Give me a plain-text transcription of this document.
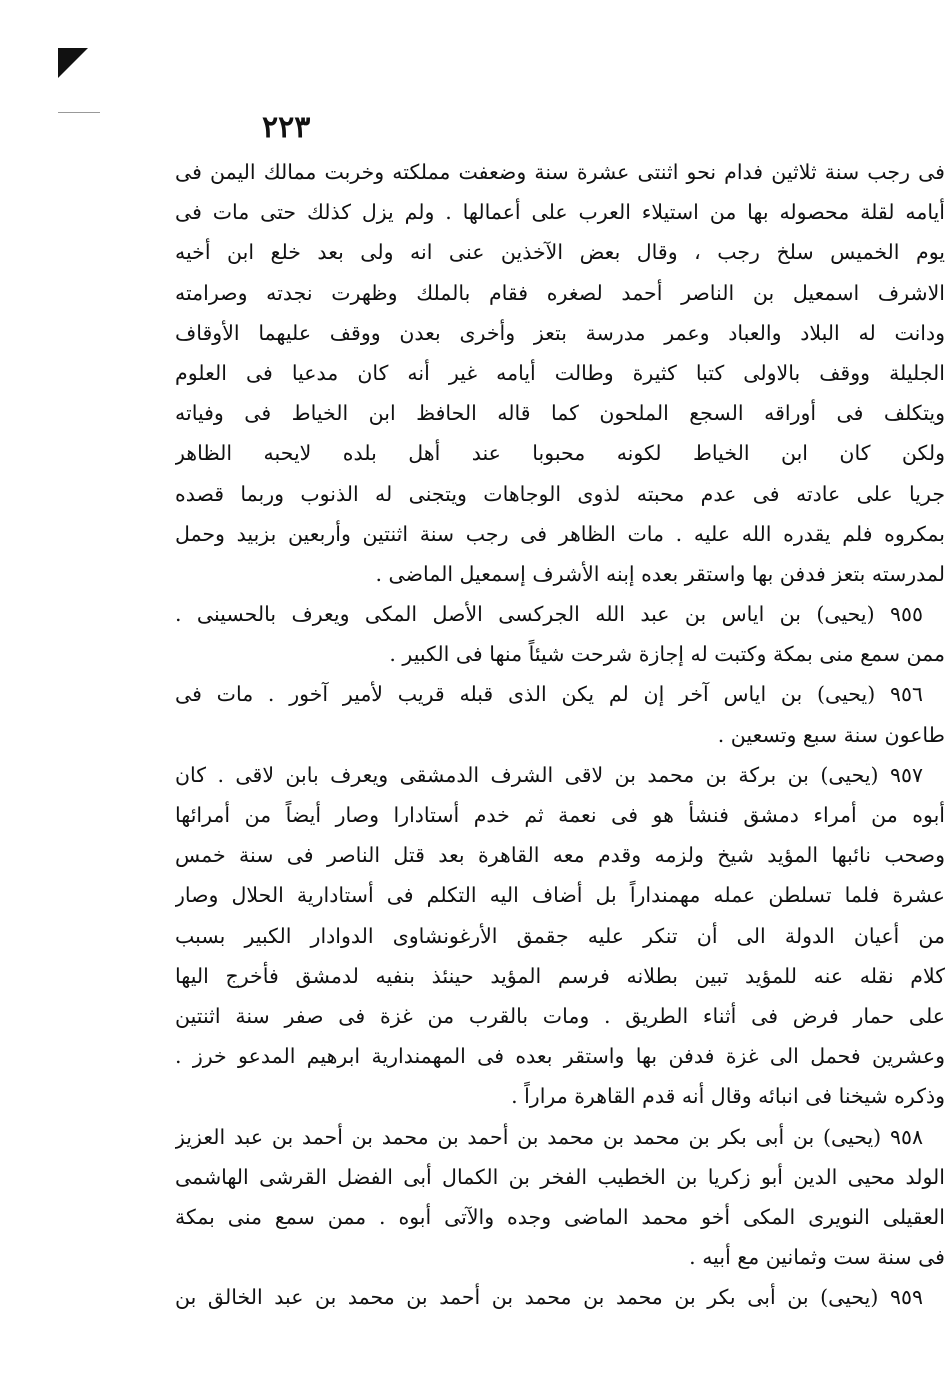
٢٢٣
فى رجب سنة ثلاثين فدام نحو اثنتى عشرة سنة وضعفت مملكته وخربت ممالك اليمن فى
أيامه لقلة محصوله بها من استيلاء العرب على أعمالها . ولم يزل كذلك حتى مات فى
يوم الخميس سلخ رجب ، وقال بعض الآخذين عنى انه ولى بعد خلع ابن أخيه
الاشرف اسمعيل بن الناصر أحمد لصغره فقام بالملك وظهرت نجدته وصرامته
ودانت له البلاد والعباد وعمر مدرسة بتعز وأخرى بعدن ووقف عليهما الأوقاف
الجليلة ووقف بالاولى كتبا كثيرة وطالت أيامه غير أنه كان مدعيا فى العلوم
ويتكلف فى أوراقه السجع الملحون كما قاله الحافظ ابن الخياط فى وفياته
ولكن كان ابن الخياط لكونه محبوبا عند أهل بلده لايحبه الظاهر
جريا على عادته فى عدم محبته لذوى الوجاهات ويتجنى له الذنوب وربما قصده
بمكروه فلم يقدره الله عليه . مات الظاهر فى رجب سنة اثنتين وأربعين بزبيد وحمل
لمدرسته بتعز فدفن بها واستقر بعده إبنه الأشرف إسمعيل الماضى .
٩٥٥ (يحيى) بن اياس بن عبد الله الجركسى الأصل المكى ويعرف بالحسينى .
ممن سمع منى بمكة وكتبت له إجازة شرحت شيئاً منها فى الكبير .
٩٥٦ (يحيى) بن اياس آخر إن لم يكن الذى قبله قريب لأمير آخور . مات فى
طاعون سنة سبع وتسعين .
٩٥٧ (يحيى) بن بركة بن محمد بن لاقى الشرف الدمشقى ويعرف بابن لاقى . كان
أبوه من أمراء دمشق فنشأ هو فى نعمة ثم خدم أستادارا وصار أيضاً من أمرائها
وصحب نائبها المؤيد شيخ ولزمه وقدم معه القاهرة بعد قتل الناصر فى سنة خمس
عشرة فلما تسلطن عمله مهمنداراً بل أضاف اليه التكلم فى أستادارية الحلال وصار
من أعيان الدولة الى أن تنكر عليه جقمق الأرغونشاوى الدوادار الكبير بسبب
كلام نقله عنه للمؤيد تبين بطلانه فرسم المؤيد حينئذ بنفيه لدمشق فأخرج اليها
على حمار فرض فى أثناء الطريق . ومات بالقرب من غزة فى صفر سنة اثنتين
وعشرين فحمل الى غزة فدفن بها واستقر بعده فى المهمندارية ابرهيم المدعو خرز .
وذكره شيخنا فى انبائه وقال أنه قدم القاهرة مراراً .
٩٥٨ (يحيى) بن أبى بكر بن محمد بن محمد بن أحمد بن محمد بن أحمد بن عبد العزيز
الولد محيى الدين أبو زكريا بن الخطيب الفخر بن الكمال أبى الفضل القرشى الهاشمى
العقيلى النويرى المكى أخو محمد الماضى وجده والآتى أبوه . ممن سمع منى بمكة
فى سنة ست وثمانين مع أبيه .
٩٥٩ (يحيى) بن أبى بكر بن محمد بن محمد بن أحمد بن محمد بن عبد الخالق بن
